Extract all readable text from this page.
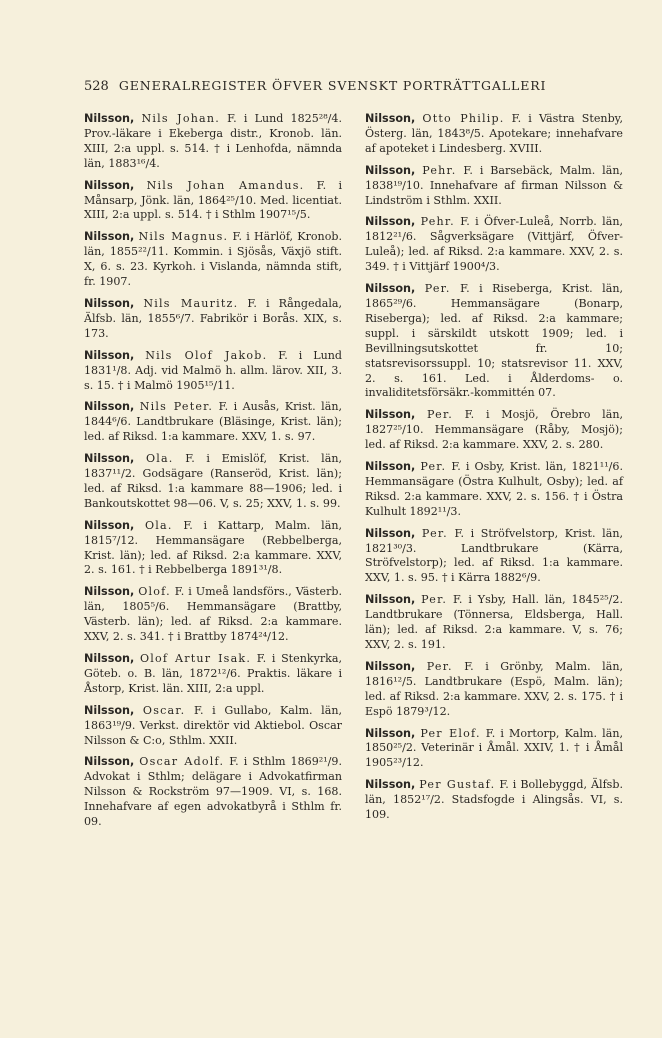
528 GENERALREGISTER ÖFVER SVENSKT PORTRÄTTGALLERI
Nilsson, Nils Johan. F. i Lund 1825²⁸/4. Prov.-läkare i Ekeberga distr., Kronob. län. XIII, 2:a uppl. s. 514. † i Lenhofda, nämnda län, 1883¹⁶/4.
Nilsson, Nils Johan Amandus. F. i Månsarp, Jönk. län, 1864²⁵/10. Med. licentiat. XIII, 2:a uppl. s. 514. † i Sthlm 1907¹⁵/5.
Nilsson, Nils Magnus. F. i Härlöf, Kronob. län, 1855²²/11. Kommin. i Sjösås, Växjö stift. X, 6. s. 23. Kyrkoh. i Vislanda, nämnda stift, fr. 1907.
Nilsson, Nils Mauritz. F. i Rångedala, Älfsb. län, 1855⁶/7. Fabrikör i Borås. XIX, s. 173.
Nilsson, Nils Olof Jakob. F. i Lund 1831¹/8. Adj. vid Malmö h. allm. lärov. XII, 3. s. 15. † i Malmö 1905¹⁵/11.
Nilsson, Nils Peter. F. i Ausås, Krist. län, 1844⁶/6. Landtbrukare (Bläsinge, Krist. län); led. af Riksd. 1:a kammare. XXV, 1. s. 97.
Nilsson, Ola. F. i Emislöf, Krist. län, 1837¹¹/2. Godsägare (Ranseröd, Krist. län); led. af Riksd. 1:a kammare 88—1906; led. i Bankoutskottet 98—06. V, s. 25; XXV, 1. s. 99.
Nilsson, Ola. F. i Kattarp, Malm. län, 1815⁷/12. Hemmansägare (Rebbelberga, Krist. län); led. af Riksd. 2:a kammare. XXV, 2. s. 161. † i Rebbelberga 1891³¹/8.
Nilsson, Olof. F. i Umeå landsförs., Västerb. län, 1805⁵/6. Hemmansägare (Brattby, Västerb. län); led. af Riksd. 2:a kammare. XXV, 2. s. 341. † i Brattby 1874²⁴/12.
Nilsson, Olof Artur Isak. F. i Stenkyrka, Göteb. o. B. län, 1872¹²/6. Praktis. läkare i Åstorp, Krist. län. XIII, 2:a uppl.
Nilsson, Oscar. F. i Gullabo, Kalm. län, 1863¹⁹/9. Verkst. direktör vid Aktiebol. Oscar Nilsson & C:o, Sthlm. XXII.
Nilsson, Oscar Adolf. F. i Sthlm 1869²¹/9. Advokat i Sthlm; delägare i Advokatfirman Nilsson & Rockström 97—1909. VI, s. 168. Innehafvare af egen advokatbyrå i Sthlm fr. 09.
Nilsson, Otto Philip. F. i Västra Stenby, Österg. län, 1843⁸/5. Apotekare; innehafvare af apoteket i Lindesberg. XVIII.
Nilsson, Pehr. F. i Barsebäck, Malm. län, 1838¹⁹/10. Innehafvare af firman Nilsson & Lindström i Sthlm. XXII.
Nilsson, Pehr. F. i Öfver-Luleå, Norrb. län, 1812²¹/6. Sågverksägare (Vittjärf, Öfver-Luleå); led. af Riksd. 2:a kammare. XXV, 2. s. 349. † i Vittjärf 1900⁴/3.
Nilsson, Per. F. i Riseberga, Krist. län, 1865²⁹/6. Hemmansägare (Bonarp, Riseberga); led. af Riksd. 2:a kammare; suppl. i särskildt utskott 1909; led. i Bevillningsutskottet fr. 10; statsrevisorssuppl. 10; statsrevisor 11. XXV, 2. s. 161. Led. i Ålderdoms- o. invaliditetsförsäkr.-kommittén 07.
Nilsson, Per. F. i Mosjö, Örebro län, 1827²⁵/10. Hemmansägare (Råby, Mosjö); led. af Riksd. 2:a kammare. XXV, 2. s. 280.
Nilsson, Per. F. i Osby, Krist. län, 1821¹¹/6. Hemmansägare (Östra Kulhult, Osby); led. af Riksd. 2:a kammare. XXV, 2. s. 156. † i Östra Kulhult 1892¹¹/3.
Nilsson, Per. F. i Ströfvelstorp, Krist. län, 1821³⁰/3. Landtbrukare (Kärra, Ströfvelstorp); led. af Riksd. 1:a kammare. XXV, 1. s. 95. † i Kärra 1882⁶/9.
Nilsson, Per. F. i Ysby, Hall. län, 1845²⁵/2. Landtbrukare (Tönnersa, Eldsberga, Hall. län); led. af Riksd. 2:a kammare. V, s. 76; XXV, 2. s. 191.
Nilsson, Per. F. i Grönby, Malm. län, 1816¹²/5. Landtbrukare (Espö, Malm. län); led. af Riksd. 2:a kammare. XXV, 2. s. 175. † i Espö 1879³/12.
Nilsson, Per Elof. F. i Mortorp, Kalm. län, 1850²⁵/2. Veterinär i Åmål. XXIV, 1. † i Åmål 1905²³/12.
Nilsson, Per Gustaf. F. i Bollebyggd, Älfsb. län, 1852¹⁷/2. Stadsfogde i Alingsås. VI, s. 109.
